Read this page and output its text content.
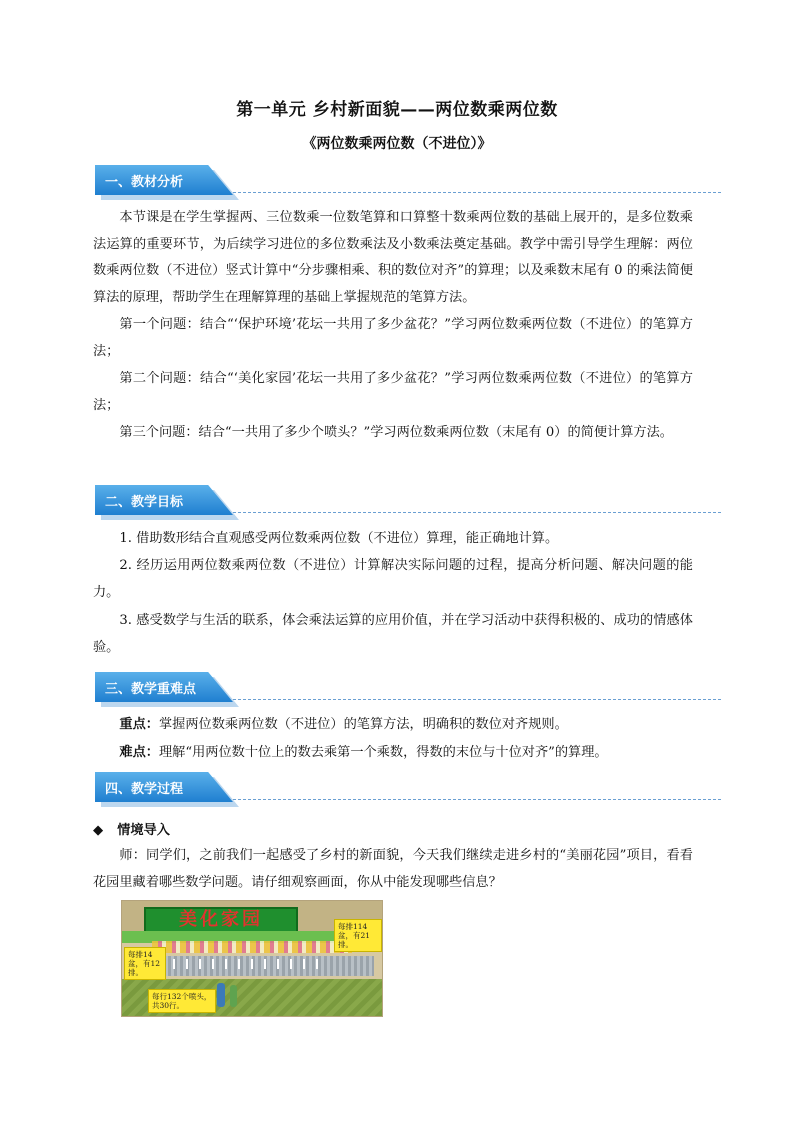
第一单元 乡村新面貌——两位数乘两位数
《两位数乘两位数（不进位）》
一、教材分析
本节课是在学生掌握两、三位数乘一位数笔算和口算整十数乘两位数的基础上展开的，是多位数乘法运算的重要环节，为后续学习进位的多位数乘法及小数乘法奠定基础。教学中需引导学生理解：两位数乘两位数（不进位）竖式计算中“分步骤相乘、积的数位对齐”的算理；以及乘数末尾有 0 的乘法简便算法的原理，帮助学生在理解算理的基础上掌握规范的笔算方法。
第一个问题：结合“‘保护环境’花坛一共用了多少盆花？”学习两位数乘两位数（不进位）的笔算方法；
第二个问题：结合“‘美化家园’花坛一共用了多少盆花？”学习两位数乘两位数（不进位）的笔算方法；
第三个问题：结合“一共用了多少个喷头？”学习两位数乘两位数（末尾有 0）的简便计算方法。
二、教学目标
1. 借助数形结合直观感受两位数乘两位数（不进位）算理，能正确地计算。
2. 经历运用两位数乘两位数（不进位）计算解决实际问题的过程，提高分析问题、解决问题的能力。
3. 感受数学与生活的联系，体会乘法运算的应用价值，并在学习活动中获得积极的、成功的情感体验。
三、教学重难点
重点：掌握两位数乘两位数（不进位）的笔算方法，明确积的数位对齐规则。
难点：理解“用两位数十位上的数去乘第一个乘数，得数的末位与十位对齐”的算理。
四、教学过程
◆ 情境导入
师：同学们，之前我们一起感受了乡村的新面貌，今天我们继续走进乡村的“美丽花园”项目，看看花园里藏着哪些数学问题。请仔细观察画面，你从中能发现哪些信息？
美化家园	每排114盆，有21排。
每排14盆，有12排。
每行132个喷头，共30行。
